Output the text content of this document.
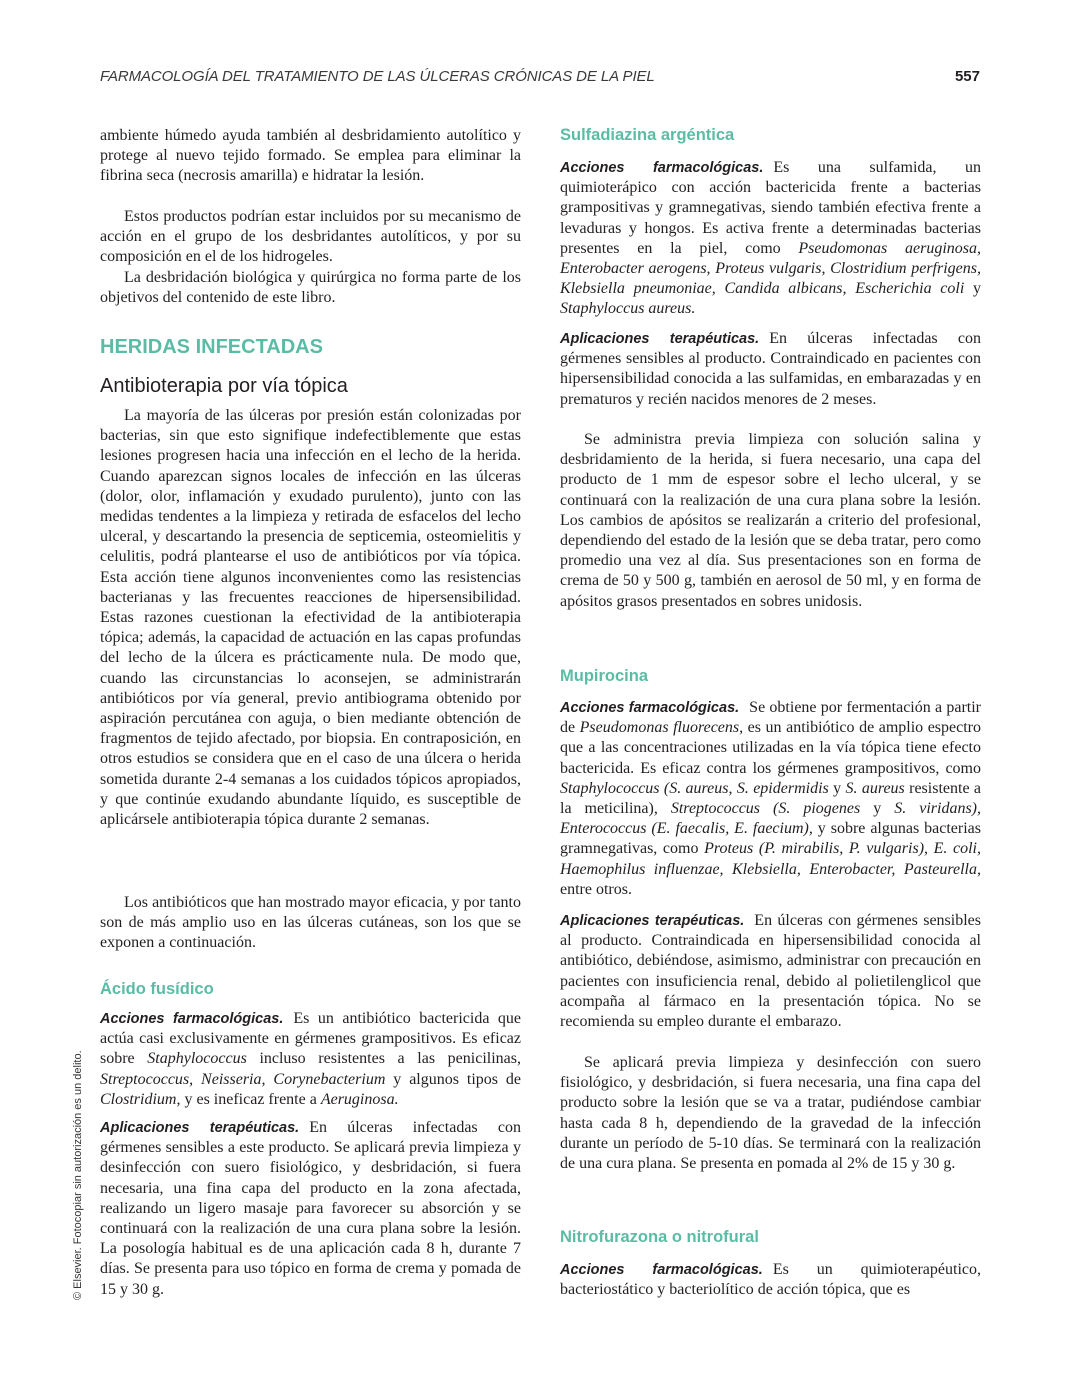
FARMACOLOGÍA DEL TRATAMIENTO DE LAS ÚLCERAS CRÓNICAS DE LA PIEL	557
© Elsevier. Fotocopiar sin autorización es un delito.

ambiente húmedo ayuda también al desbridamiento autolítico y protege al nuevo tejido formado. Se emplea para eliminar la fibrina seca (necrosis amarilla) e hidratar la lesión.

Estos productos podrían estar incluidos por su mecanismo de acción en el grupo de los desbridantes autolíticos, y por su composición en el de los hidrogeles.

La desbridación biológica y quirúrgica no forma parte de los objetivos del contenido de este libro.

HERIDAS INFECTADAS
Antibioterapia por vía tópica

La mayoría de las úlceras por presión están colonizadas por bacterias, sin que esto signifique indefectiblemente que estas lesiones progresen hacia una infección en el lecho de la herida. Cuando aparezcan signos locales de infección en las úlceras (dolor, olor, inflamación y exudado purulento), junto con las medidas tendentes a la limpieza y retirada de esfacelos del lecho ulceral, y descartando la presencia de septicemia, osteomielitis y celulitis, podrá plantearse el uso de antibióticos por vía tópica. Esta acción tiene algunos inconvenientes como las resistencias bacterianas y las frecuentes reacciones de hipersensibilidad. Estas razones cuestionan la efectividad de la antibioterapia tópica; además, la capacidad de actuación en las capas profundas del lecho de la úlcera es prácticamente nula. De modo que, cuando las circunstancias lo aconsejen, se administrarán antibióticos por vía general, previo antibiograma obtenido por aspiración percutánea con aguja, o bien mediante obtención de fragmentos de tejido afectado, por biopsia. En contraposición, en otros estudios se considera que en el caso de una úlcera o herida sometida durante 2-4 semanas a los cuidados tópicos apropiados, y que continúe exudando abundante líquido, es susceptible de aplicársele antibioterapia tópica durante 2 semanas.

Los antibióticos que han mostrado mayor eficacia, y por tanto son de más amplio uso en las úlceras cutáneas, son los que se exponen a continuación.

Ácido fusídico

Acciones farmacológicas. Es un antibiótico bactericida que actúa casi exclusivamente en gérmenes grampositivos. Es eficaz sobre Staphylococcus incluso resistentes a las penicilinas, Streptococcus, Neisseria, Corynebacterium y algunos tipos de Clostridium, y es ineficaz frente a Aeruginosa.

Aplicaciones terapéuticas. En úlceras infectadas con gérmenes sensibles a este producto. Se aplicará previa limpieza y desinfección con suero fisiológico, y desbridación, si fuera necesaria, una fina capa del producto en la zona afectada, realizando un ligero masaje para favorecer su absorción y se continuará con la realización de una cura plana sobre la lesión. La posología habitual es de una aplicación cada 8 h, durante 7 días. Se presenta para uso tópico en forma de crema y pomada de 15 y 30 g.

Sulfadiazina argéntica

Acciones farmacológicas. Es una sulfamida, un quimioterápico con acción bactericida frente a bacterias grampositivas y gramnegativas, siendo también efectiva frente a levaduras y hongos. Es activa frente a determinadas bacterias presentes en la piel, como Pseudomonas aeruginosa, Enterobacter aerogens, Proteus vulgaris, Clostridium perfrigens, Klebsiella pneumoniae, Candida albicans, Escherichia coli y Staphyloccus aureus.

Aplicaciones terapéuticas. En úlceras infectadas con gérmenes sensibles al producto. Contraindicado en pacientes con hipersensibilidad conocida a las sulfamidas, en embarazadas y en prematuros y recién nacidos menores de 2 meses.

Se administra previa limpieza con solución salina y desbridamiento de la herida, si fuera necesario, una capa del producto de 1 mm de espesor sobre el lecho ulceral, y se continuará con la realización de una cura plana sobre la lesión. Los cambios de apósitos se realizarán a criterio del profesional, dependiendo del estado de la lesión que se deba tratar, pero como promedio una vez al día. Sus presentaciones son en forma de crema de 50 y 500 g, también en aerosol de 50 ml, y en forma de apósitos grasos presentados en sobres unidosis.

Mupirocina

Acciones farmacológicas. Se obtiene por fermentación a partir de Pseudomonas fluorecens, es un antibiótico de amplio espectro que a las concentraciones utilizadas en la vía tópica tiene efecto bactericida. Es eficaz contra los gérmenes grampositivos, como Staphylococcus (S. aureus, S. epidermidis y S. aureus resistente a la meticilina), Streptococcus (S. piogenes y S. viridans), Enterococcus (E. faecalis, E. faecium), y sobre algunas bacterias gramnegativas, como Proteus (P. mirabilis, P. vulgaris), E. coli, Haemophilus influenzae, Klebsiella, Enterobacter, Pasteurella, entre otros.

Aplicaciones terapéuticas. En úlceras con gérmenes sensibles al producto. Contraindicada en hipersensibilidad conocida al antibiótico, debiéndose, asimismo, administrar con precaución en pacientes con insuficiencia renal, debido al polietilenglicol que acompaña al fármaco en la presentación tópica. No se recomienda su empleo durante el embarazo.

Se aplicará previa limpieza y desinfección con suero fisiológico, y desbridación, si fuera necesaria, una fina capa del producto sobre la lesión que se va a tratar, pudiéndose cambiar hasta cada 8 h, dependiendo de la gravedad de la infección durante un período de 5-10 días. Se terminará con la realización de una cura plana. Se presenta en pomada al 2% de 15 y 30 g.

Nitrofurazona o nitrofural

Acciones farmacológicas. Es un quimioterapéutico, bacteriostático y bacteriolítico de acción tópica, que es
